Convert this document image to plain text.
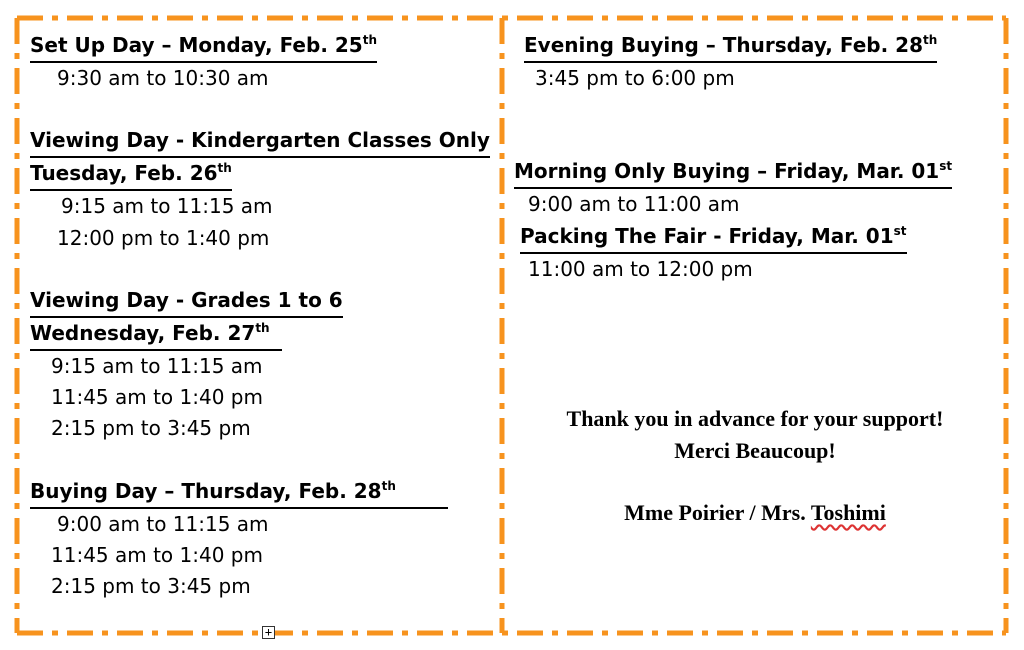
Set Up Day – Monday, Feb. 25th
9:30 am to 10:30 am
Viewing Day - Kindergarten Classes Only
Tuesday, Feb. 26th
9:15 am to 11:15 am
12:00 pm to 1:40 pm
Viewing Day - Grades 1 to 6
Wednesday, Feb. 27th
9:15 am to 11:15 am
11:45 am to 1:40 pm
2:15 pm to 3:45 pm
Buying Day – Thursday, Feb. 28th
9:00 am to 11:15 am
11:45 am to 1:40 pm
2:15 pm to 3:45 pm
Evening Buying – Thursday, Feb. 28th
3:45 pm to 6:00 pm
Morning Only Buying – Friday, Mar. 01st
9:00 am to 11:00 am
Packing The Fair - Friday, Mar. 01st
11:00 am to 12:00 pm
Thank you in advance for your support!
Merci Beaucoup!
Mme Poirier / Mrs. Toshimi
+
